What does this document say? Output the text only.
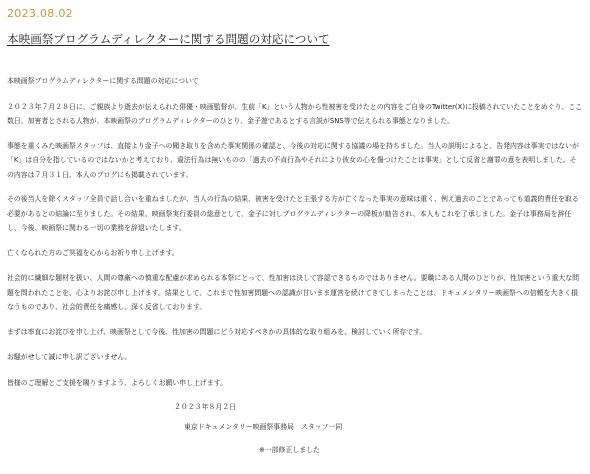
2023.08.02
本映画祭プログラムディレクターに関する問題の対応について

本映画祭プログラムディレクターに関する問題の対応について

２０２３年７月２８日に、ご親族より逝去が伝えられた俳優・映画監督が、生前「K」という人物から性被害を受けたとの内容をご自身のTwitter(X)に投稿されていたことをめぐり、ここ数日、加害者とされる人物が、本映画祭のプログラムディレクターのひとり、金子遊であるとする言説がSNS等で伝えられる事態となりました。

事態を重くみた映画祭スタッフは、直接より金子への聞き取りを含めた事実関係の確認と、今後の対応に関する協議の場を持ちました。当人の説明によると、告発内容は事実ではないが「K」は自分を指しているのではないかと考えており、違法行為は無いものの「過去の不貞行為やそれにより彼女の心を傷つけたことは事実」として反省と謝罪の意を表明しました。その内容は７月３１日、本人のブログにも掲載されています。

その後当人を除くスタッフ全員で話し合いを重ねましたが、当人の行為の結果、被害を受けたと主張する方が亡くなった事実の意味は重く、例え過去のことであっても道義的責任を取る必要があるとの結論に至りました。その結果、映画祭実行委員の総意として、金子に対しプログラムディレクターの降板が勧告され、本人もこれを了承しました。金子は事務局を辞任し、今後、映画祭に関わる一切の業務を辞退いたします。

亡くなられた方のご冥福を心からお祈り申し上げます。

社会的に繊細な題材を扱い、人間の尊厳への慎重な配慮が求められる本祭にとって、性加害は決して容認できるものではありません。要職にある人間のひとりが、性加害という重大な問題を問われたことを、心よりお詫び申し上げます。結果として、これまで性加害問題への認識が甘いまま運営を続けてきてしまったことは、ドキュメンタリー映画祭への信頼を大きく損なうものであり、社会的責任を痛感し、深く反省しております。

まずは率直にお詫びを申し上げ、映画祭として今後、性加害の問題にどう対応すべきかの具体的な取り組みを、検討していく所存です。

お騒がせして誠に申し訳ございません。

皆様のご理解とご支援を賜りますよう、よろしくお願い申し上げます。

２０２３年８月２日
東京ドキュメンタリー映画祭事務局　スタッフ一同
※一部修正しました
